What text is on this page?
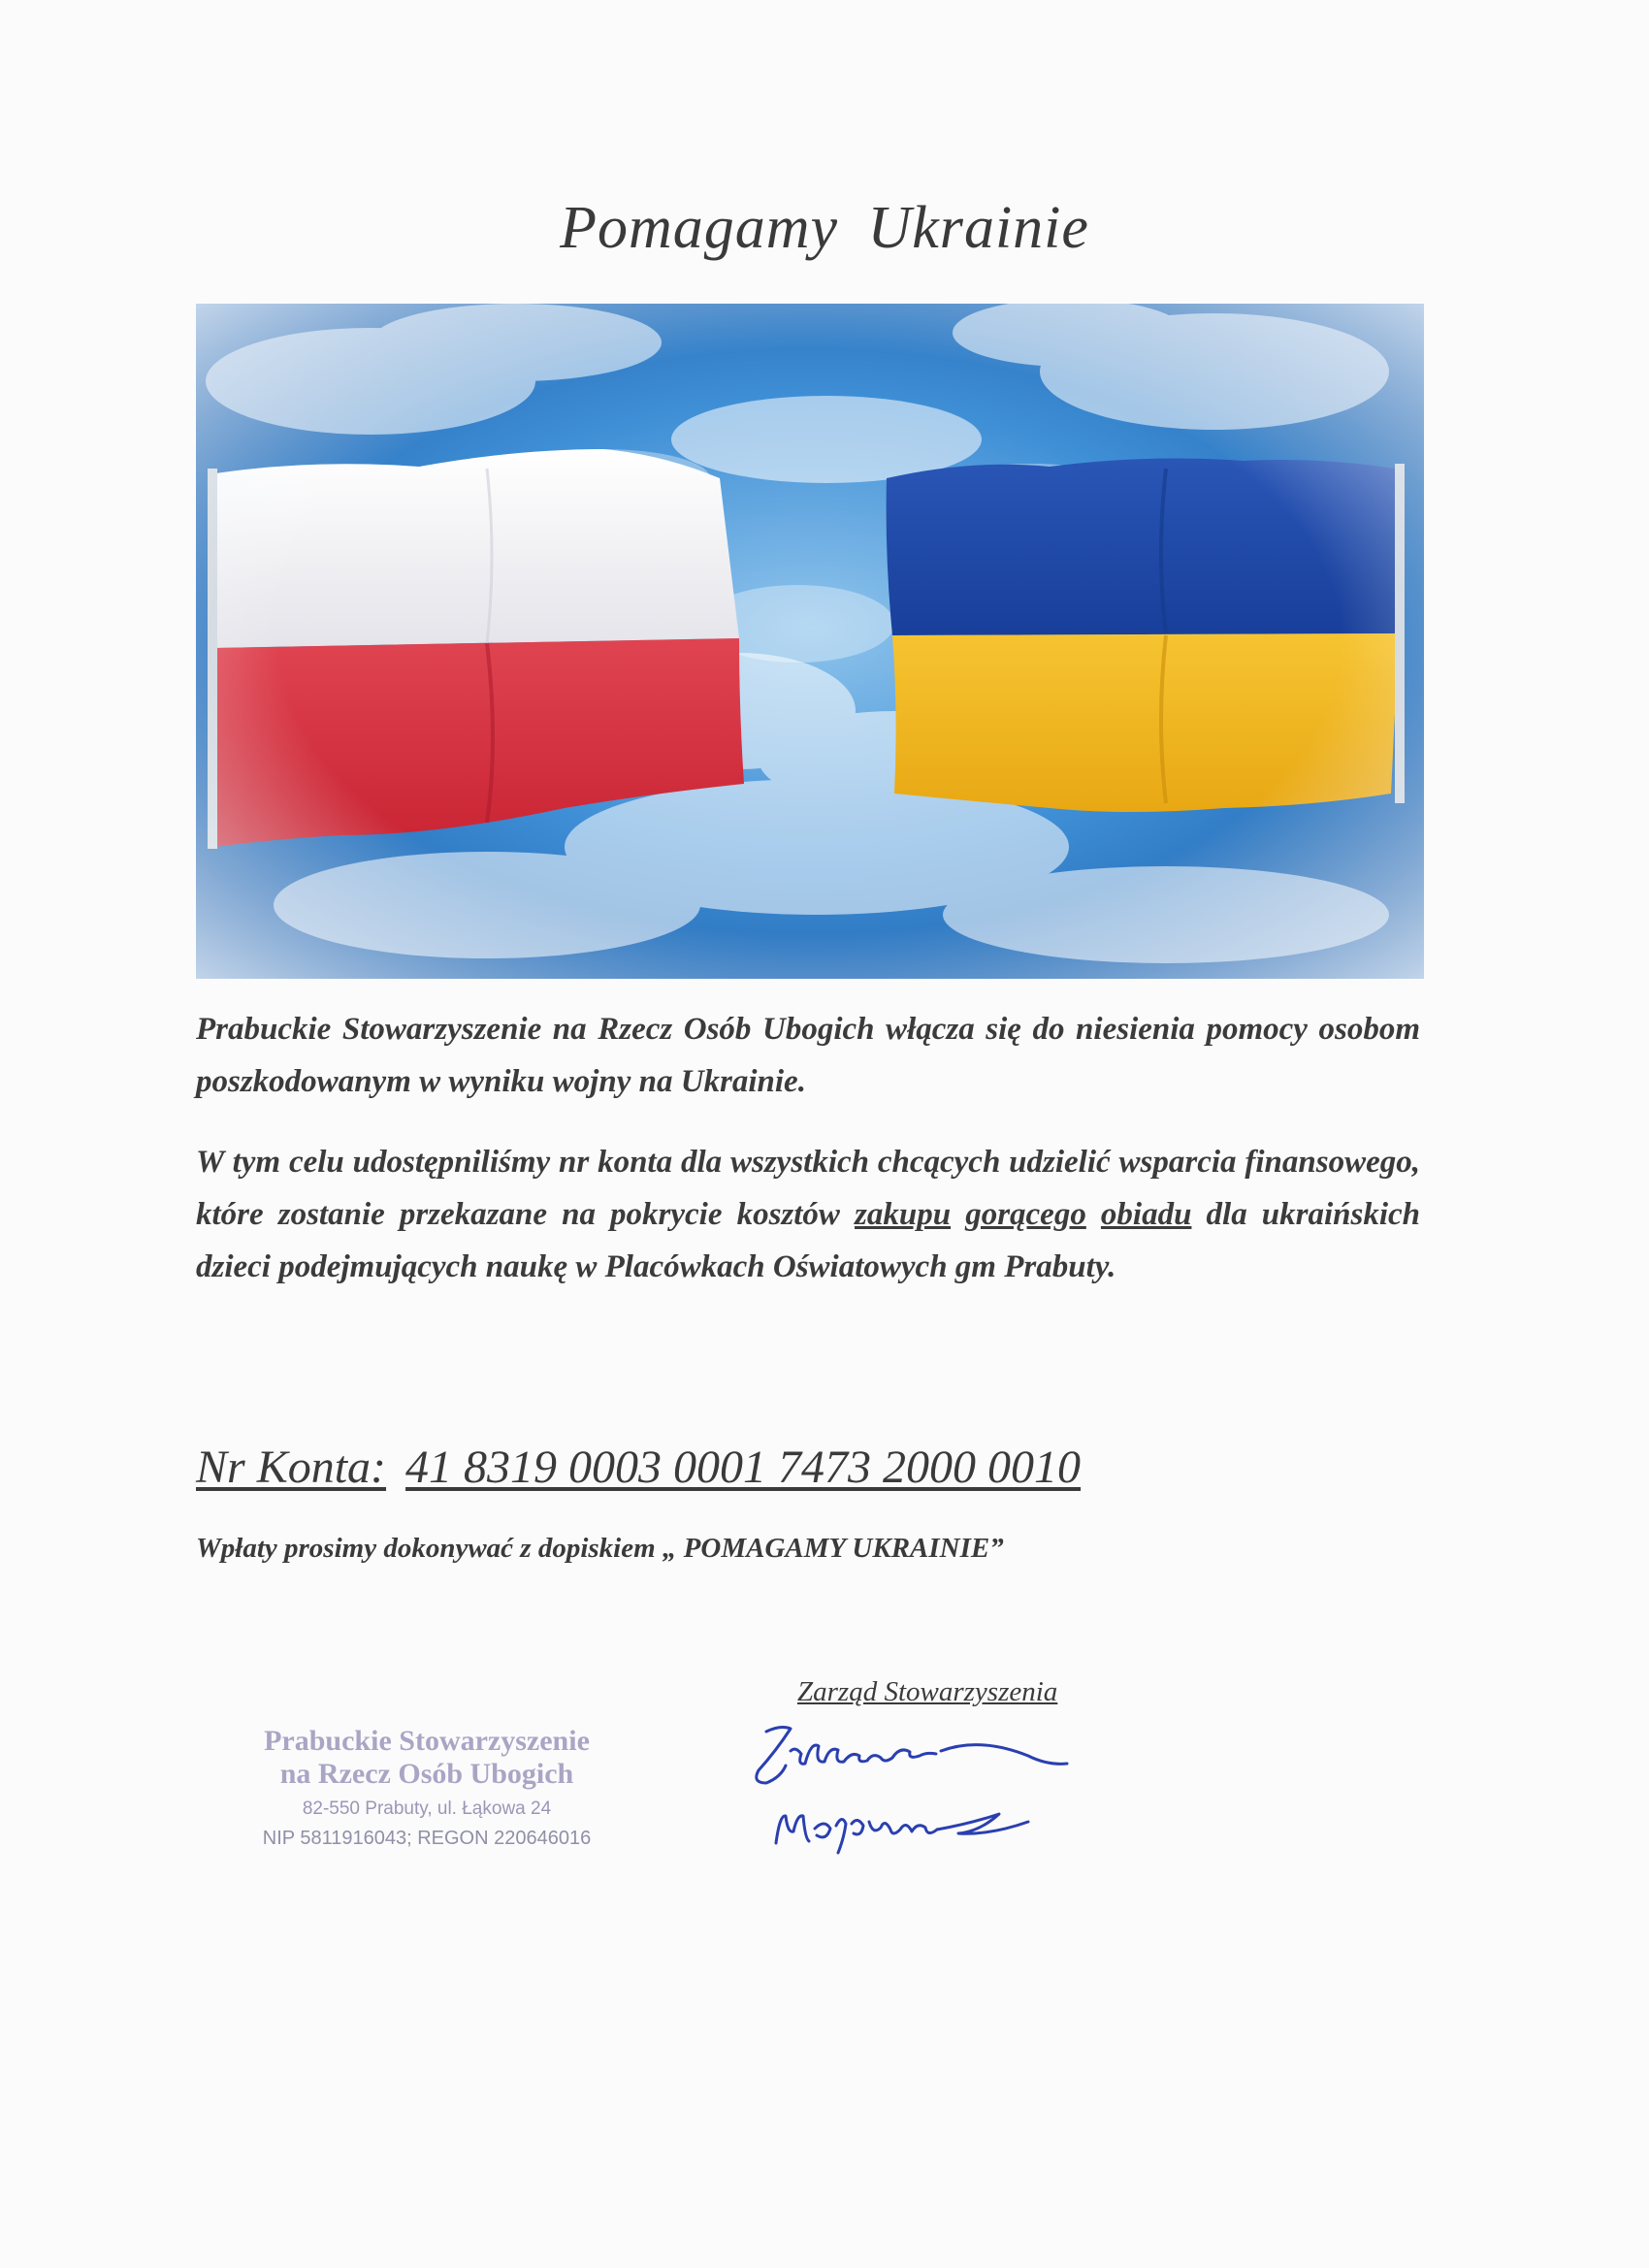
Pomagamy Ukrainie
Prabuckie Stowarzyszenie na Rzecz Osób Ubogich włącza się do niesienia pomocy osobom poszkodowanym w wyniku wojny na Ukrainie.
W tym celu udostępniliśmy nr konta dla wszystkich chcących udzielić wsparcia finansowego, które zostanie przekazane na pokrycie kosztów zakupu gorącego obiadu dla ukraińskich dzieci podejmujących naukę w Placówkach Oświatowych gm Prabuty.
Nr Konta: 41 8319 0003 0001 7473 2000 0010
Wpłaty prosimy dokonywać z dopiskiem „ POMAGAMY UKRAINIE”
Zarząd Stowarzyszenia
Prabuckie Stowarzyszenie
na Rzecz Osób Ubogich
82-550 Prabuty, ul. Łąkowa 24
NIP 5811916043; REGON 220646016
